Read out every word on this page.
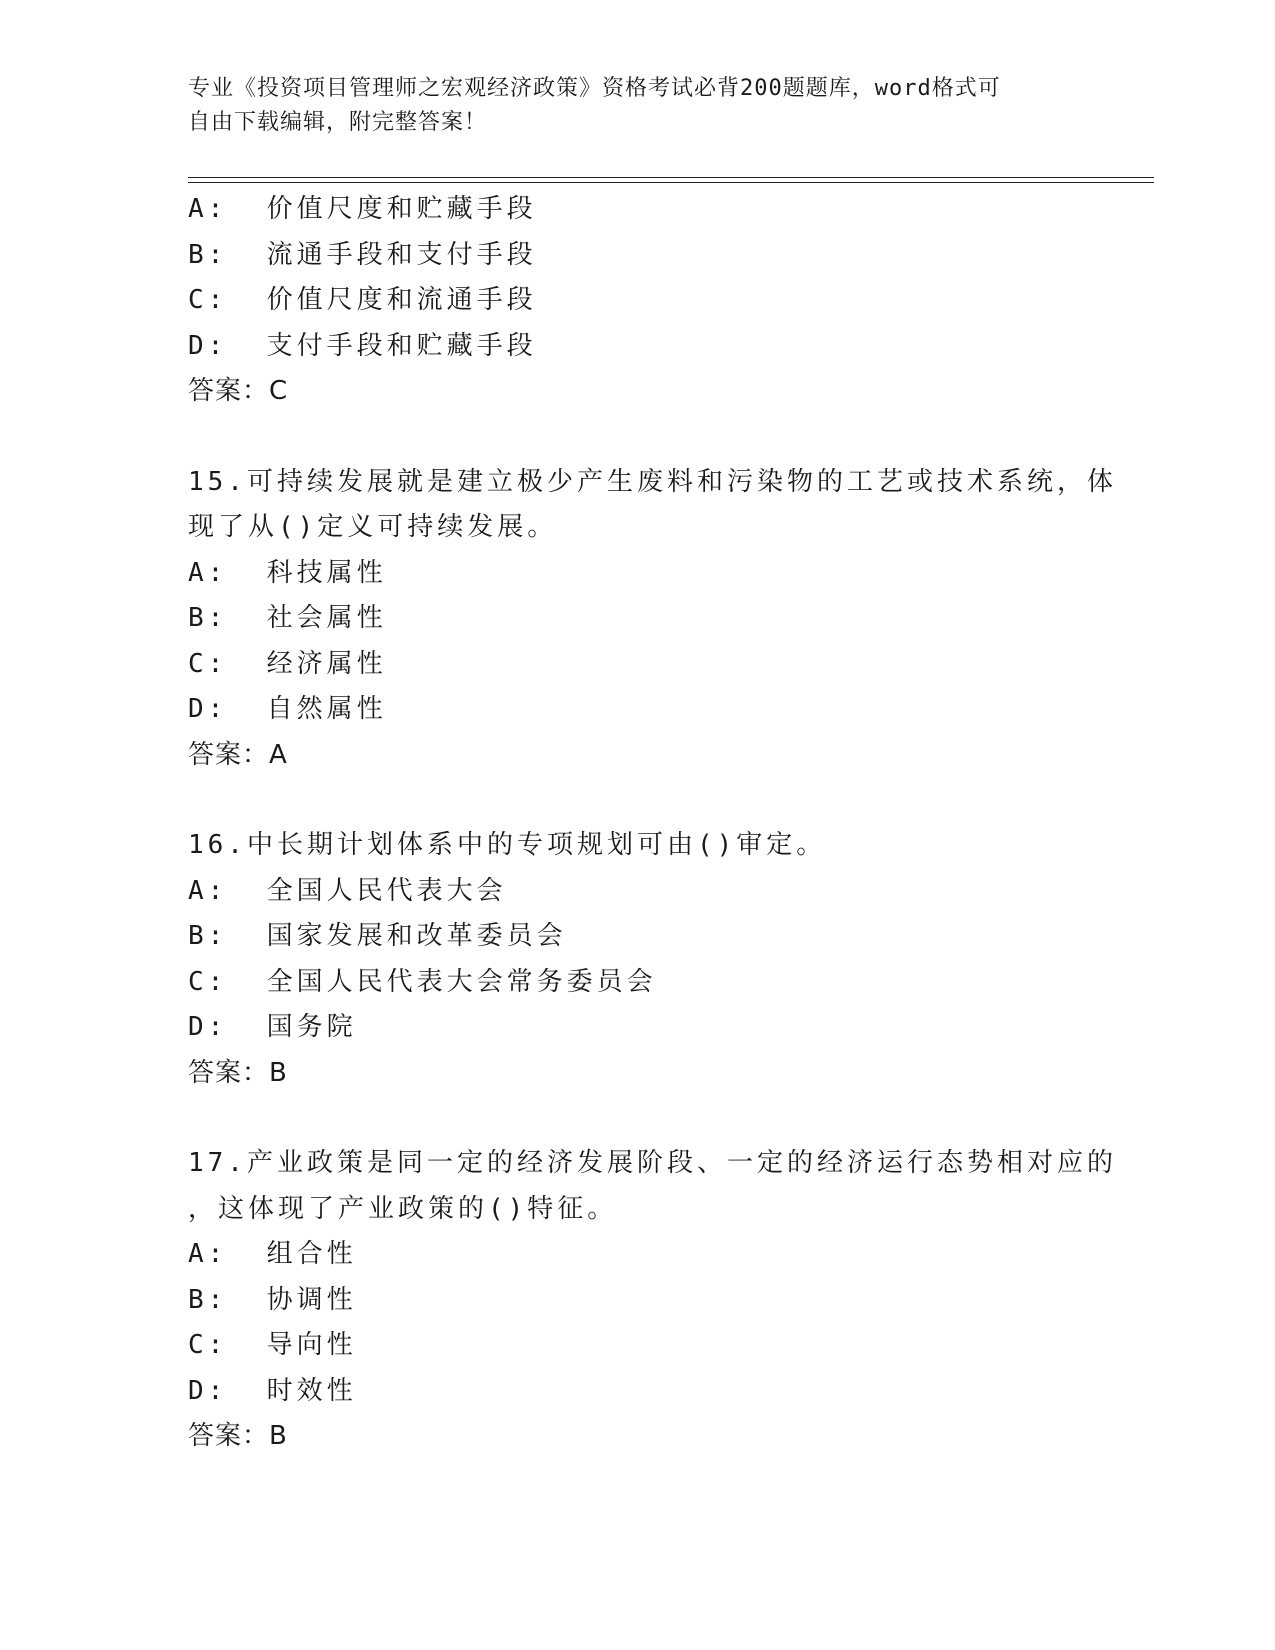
专业《投资项目管理师之宏观经济政策》资格考试必背200题题库，word格式可
自由下载编辑，附完整答案！
A:  价值尺度和贮藏手段
B:  流通手段和支付手段
C:  价值尺度和流通手段
D:  支付手段和贮藏手段
答案：C
15.可持续发展就是建立极少产生废料和污染物的工艺或技术系统，体
现了从()定义可持续发展。
A:  科技属性
B:  社会属性
C:  经济属性
D:  自然属性
答案：A
16.中长期计划体系中的专项规划可由()审定。
A:  全国人民代表大会
B:  国家发展和改革委员会
C:  全国人民代表大会常务委员会
D:  国务院
答案：B
17.产业政策是同一定的经济发展阶段、一定的经济运行态势相对应的
，这体现了产业政策的()特征。
A:  组合性
B:  协调性
C:  导向性
D:  时效性
答案：B
